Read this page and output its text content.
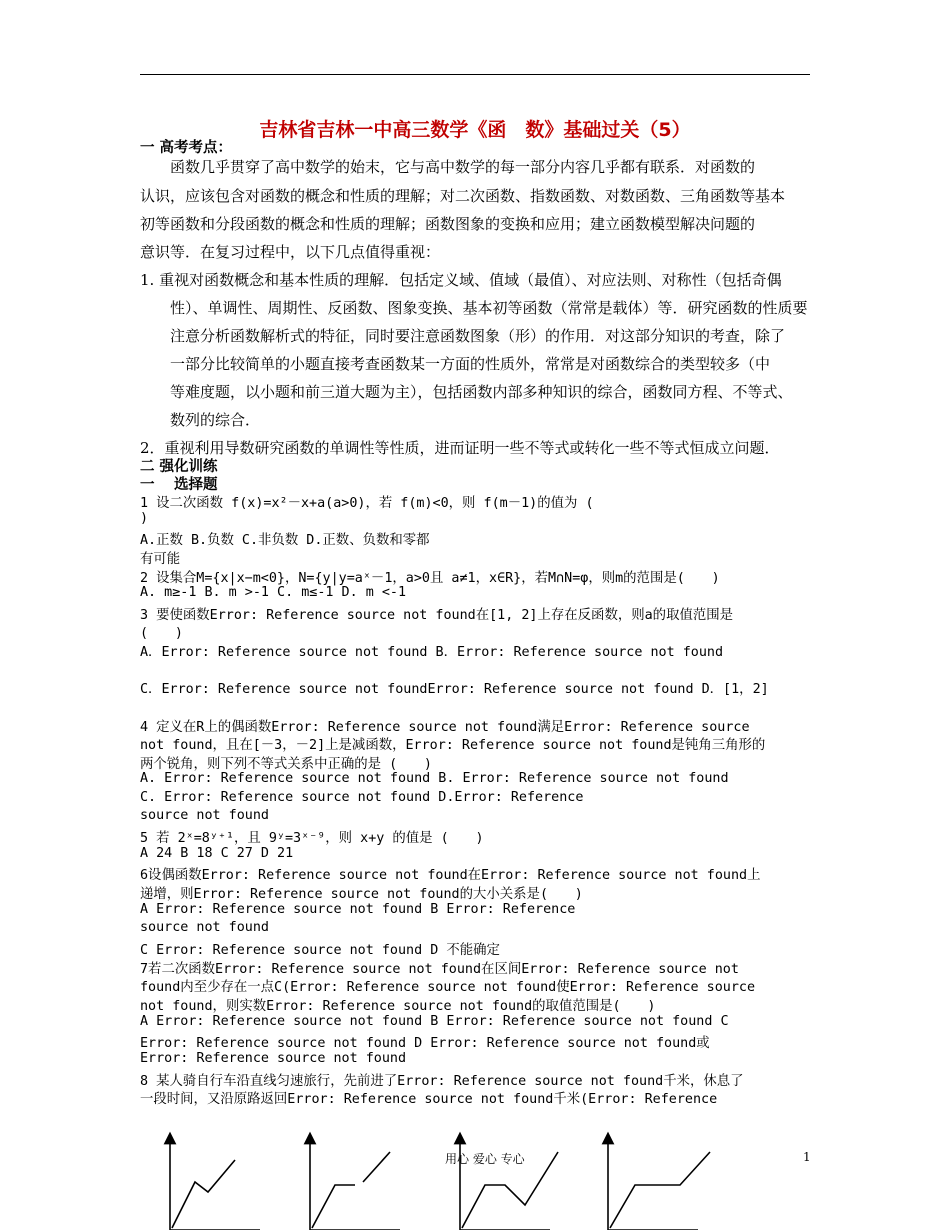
吉林省吉林一中高三数学《函　数》基础过关（5）
一 高考考点：
　　函数几乎贯穿了高中数学的始末，它与高中数学的每一部分内容几乎都有联系．对函数的
认识，应该包含对函数的概念和性质的理解；对二次函数、指数函数、对数函数、三角函数等基本
初等函数和分段函数的概念和性质的理解；函数图象的变换和应用；建立函数模型解决问题的
意识等．在复习过程中，以下几点值得重视：
1. 重视对函数概念和基本性质的理解．包括定义域、值域（最值）、对应法则、对称性（包括奇偶
　　性）、单调性、周期性、反函数、图象变换、基本初等函数（常常是载体）等．研究函数的性质要
　　注意分析函数解析式的特征，同时要注意函数图象（形）的作用．对这部分知识的考查，除了
　　一部分比较简单的小题直接考查函数某一方面的性质外，常常是对函数综合的类型较多（中
　　等难度题，以小题和前三道大题为主），包括函数内部多种知识的综合，函数同方程、不等式、
　　数列的综合．
2．重视利用导数研究函数的单调性等性质，进而证明一些不等式或转化一些不等式恒成立问题．
二 强化训练
一　 选择题
1 设二次函数 f(x)=x²－x+a(a>0)，若 f(m)<0，则 f(m－1)的值为 (
)
A.正数 B.负数 C.非负数 D.正数、负数和零都
有可能
2 设集合M={x|x−m<0}，N={y|y=aˣ－1，a>0且 a≠1，x∈R}，若M∩N=φ，则m的范围是(　　)
A. m≥-1 B. m >-1 C. m≤-1 D. m <-1
3 要使函数Error: Reference source not found在[1, 2]上存在反函数，则a的取值范围是
(　　)
A．Error: Reference source not found B．Error: Reference source not found
C．Error: Reference source not foundError: Reference source not found D．[1，2]
4 定义在R上的偶函数Error: Reference source not found满足Error: Reference source
not found，且在[－3，－2]上是减函数，Error: Reference source not found是钝角三角形的
两个锐角，则下列不等式关系中正确的是 (　　)
A. Error: Reference source not found B. Error: Reference source not found
C. Error: Reference source not found D.Error: Reference
source not found
5 若 2ˣ=8ʸ⁺¹，且 9ʸ=3ˣ⁻⁹，则 x+y 的值是 (　　)
A 24 B 18 C 27 D 21
6设偶函数Error: Reference source not found在Error: Reference source not found上
递增，则Error: Reference source not found的大小关系是(　　)
A Error: Reference source not found B Error: Reference
source not found
C Error: Reference source not found D 不能确定
7若二次函数Error: Reference source not found在区间Error: Reference source not
found内至少存在一点C(Error: Reference source not found使Error: Reference source
not found，则实数Error: Reference source not found的取值范围是(　　)
A Error: Reference source not found B Error: Reference source not found C
Error: Reference source not found D Error: Reference source not found或
Error: Reference source not found
8 某人骑自行车沿直线匀速旅行，先前进了Error: Reference source not found千米，休息了
一段时间，又沿原路返回Error: Reference source not found千米(Error: Reference
用心 爱心 专心	1
